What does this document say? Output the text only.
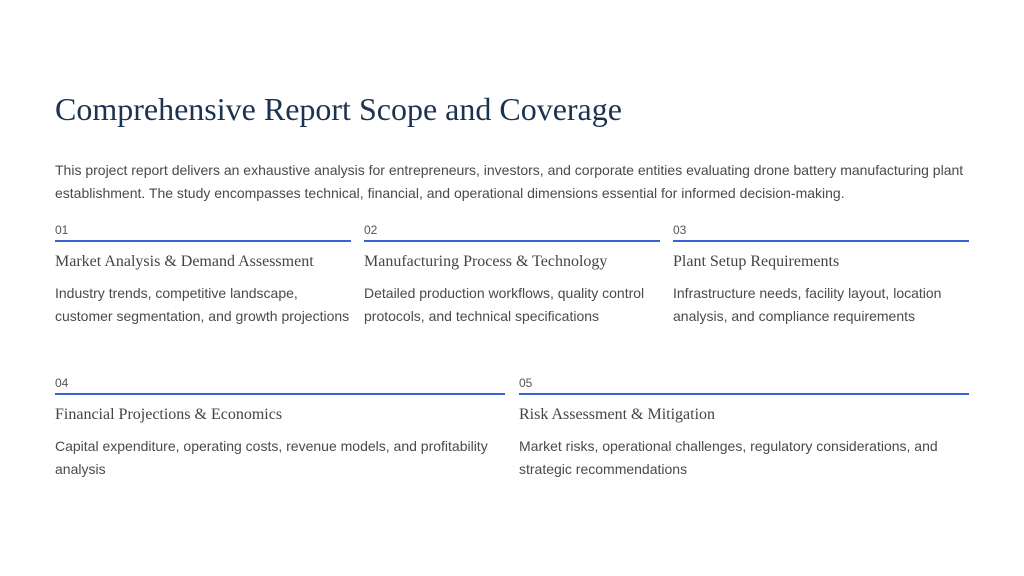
Comprehensive Report Scope and Coverage

This project report delivers an exhaustive analysis for entrepreneurs, investors, and corporate entities evaluating drone battery manufacturing plant establishment. The study encompasses technical, financial, and operational dimensions essential for informed decision-making.

01
Market Analysis & Demand Assessment
Industry trends, competitive landscape, customer segmentation, and growth projections
02
Manufacturing Process & Technology
Detailed production workflows, quality control protocols, and technical specifications
03
Plant Setup Requirements
Infrastructure needs, facility layout, location analysis, and compliance requirements
04
Financial Projections & Economics
Capital expenditure, operating costs, revenue models, and profitability analysis
05
Risk Assessment & Mitigation
Market risks, operational challenges, regulatory considerations, and strategic recommendations
